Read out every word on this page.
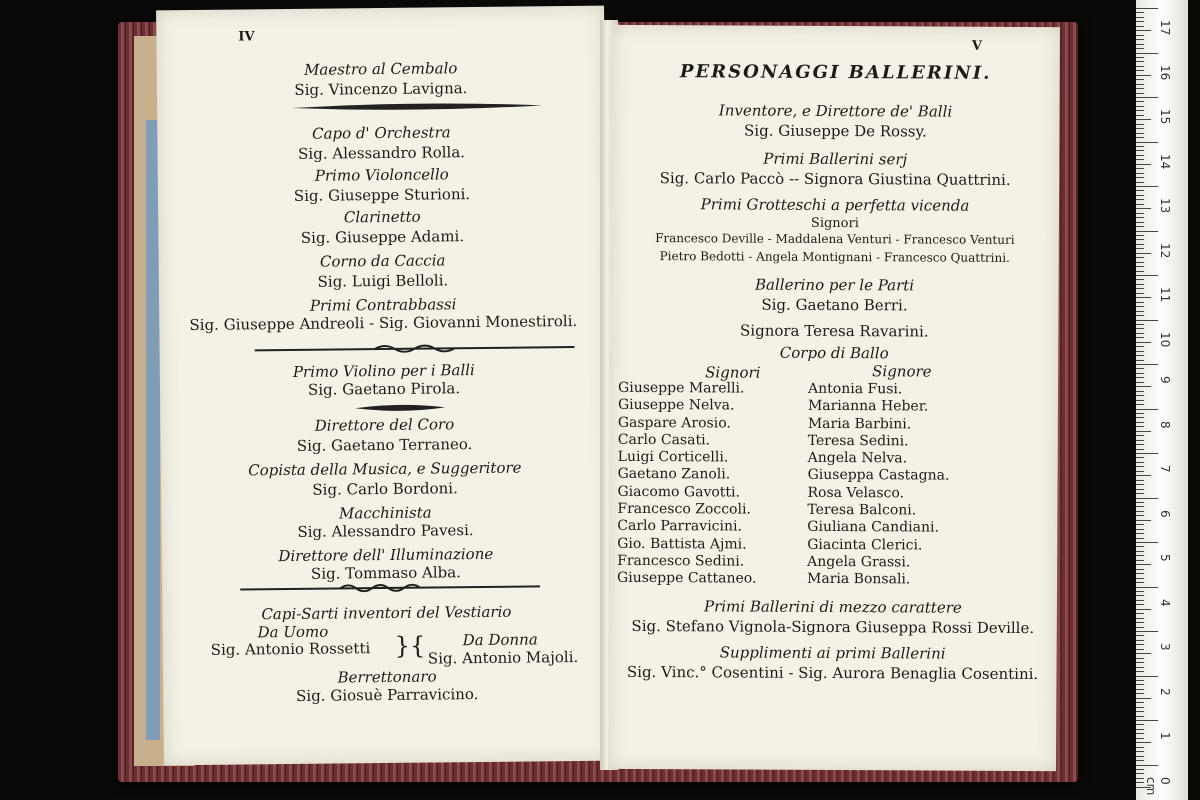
IV
Maestro al Cembalo
Sig. Vincenzo Lavigna.
Capo d' Orchestra
Sig. Alessandro Rolla.
Primo Violoncello
Sig. Giuseppe Sturioni.
Clarinetto
Sig. Giuseppe Adami.
Corno da Caccia
Sig. Luigi Belloli.
Primi Contrabbassi
Sig. Giuseppe Andreoli - Sig. Giovanni Monestiroli.
Primo Violino per i Balli
Sig. Gaetano Pirola.
Direttore del Coro
Sig. Gaetano Terraneo.
Copista della Musica, e Suggeritore
Sig. Carlo Bordoni.
Macchinista
Sig. Alessandro Pavesi.
Direttore dell' Illuminazione
Sig. Tommaso Alba.
Capi-Sarti inventori del Vestiario
Da Uomo
Sig. Antonio Rossetti }{ Da Donna
Sig. Antonio Majoli.
Berrettonaro
Sig. Giosuè Parravicino.
V
PERSONAGGI BALLERINI.
Inventore, e Direttore de' Balli
Sig. Giuseppe De Rossy.
Primi Ballerini serj
Sig. Carlo Paccò -- Signora Giustina Quattrini.
Primi Grotteschi a perfetta vicenda
Signori
Francesco Deville - Maddalena Venturi - Francesco Venturi
Pietro Bedotti - Angela Montignani - Francesco Quattrini.
Ballerino per le Parti
Sig. Gaetano Berri.
Signora Teresa Ravarini.
Corpo di Ballo
Signori	Signore
Giuseppe Marelli.
Giuseppe Nelva.
Gaspare Arosio.
Carlo Casati.
Luigi Corticelli.
Gaetano Zanoli.
Giacomo Gavotti.
Francesco Zoccoli.
Carlo Parravicini.
Gio. Battista Ajmi.
Francesco Sedini.
Giuseppe Cattaneo.
Antonia Fusi.
Marianna Heber.
Maria Barbini.
Teresa Sedini.
Angela Nelva.
Giuseppa Castagna.
Rosa Velasco.
Teresa Balconi.
Giuliana Candiani.
Giacinta Clerici.
Angela Grassi.
Maria Bonsali.
Primi Ballerini di mezzo carattere
Sig. Stefano Vignola-Signora Giuseppa Rossi Deville.
Supplimenti ai primi Ballerini
Sig. Vinc.° Cosentini - Sig. Aurora Benaglia Cosentini.
17
16
15
14
13
12
11
10
9
8
7
6
5
4
3
2
1
0 cm
